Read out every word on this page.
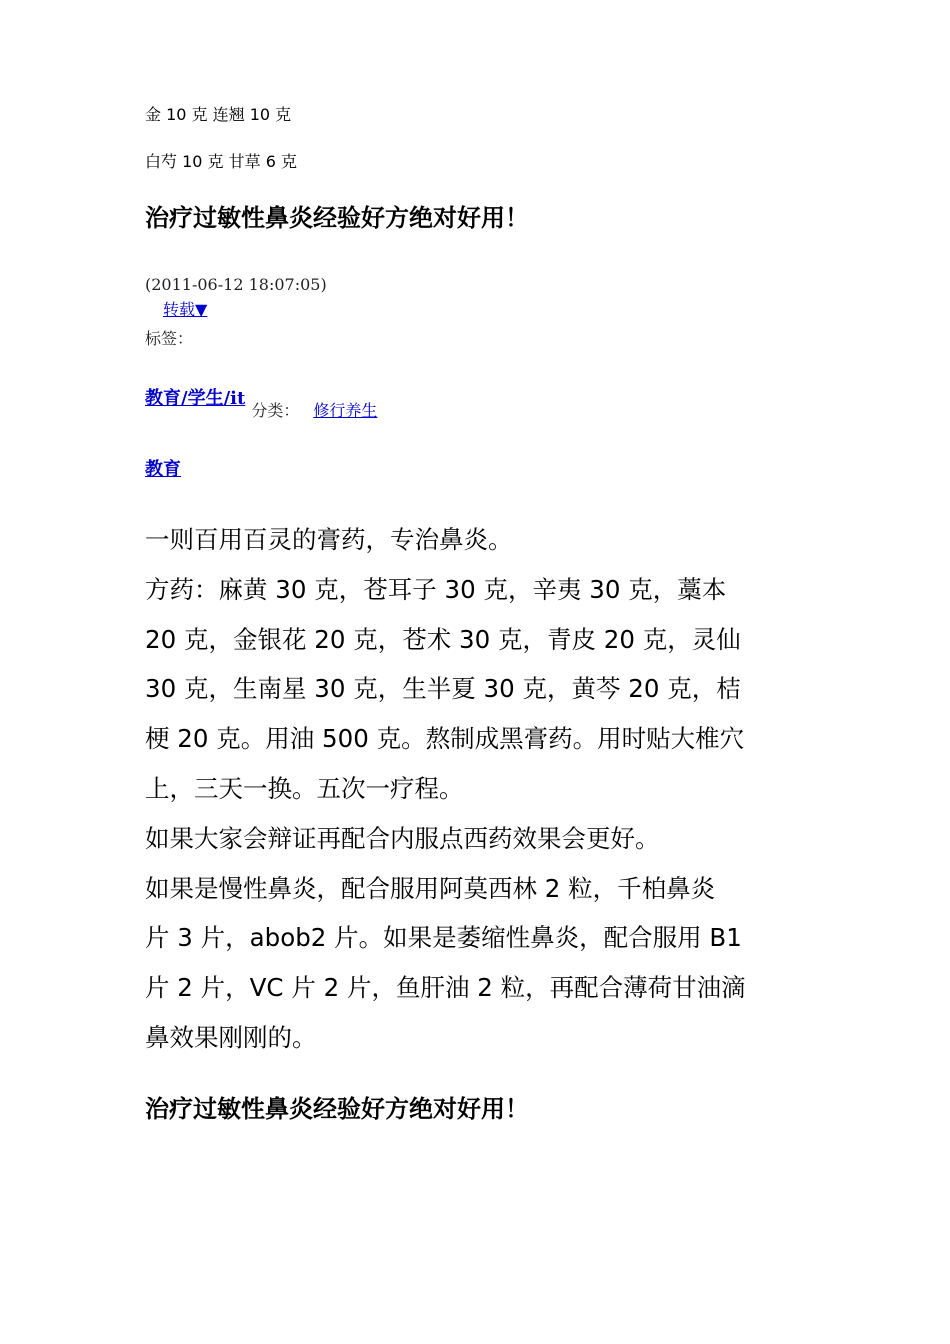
金 10 克 连翘 10 克
白芍 10 克 甘草 6 克
治疗过敏性鼻炎经验好方绝对好用！
(2011-06-12 18:07:05)
转载▼
标签：
教育/学生/it分类： 修行养生
教育

一则百用百灵的膏药，专治鼻炎。

方药：麻黄 30 克，苍耳子 30 克，辛夷 30 克，藁本

20 克，金银花 20 克，苍术 30 克，青皮 20 克，灵仙

30 克，生南星 30 克，生半夏 30 克，黄芩 20 克，桔

梗 20 克。用油 500 克。熬制成黑膏药。用时贴大椎穴

上，三天一换。五次一疗程。

如果大家会辩证再配合内服点西药效果会更好。

如果是慢性鼻炎，配合服用阿莫西林 2 粒，千柏鼻炎

片 3 片，abob2 片。如果是萎缩性鼻炎，配合服用 B1

片 2 片，VC 片 2 片，鱼肝油 2 粒，再配合薄荷甘油滴

鼻效果刚刚的。

治疗过敏性鼻炎经验好方绝对好用！
